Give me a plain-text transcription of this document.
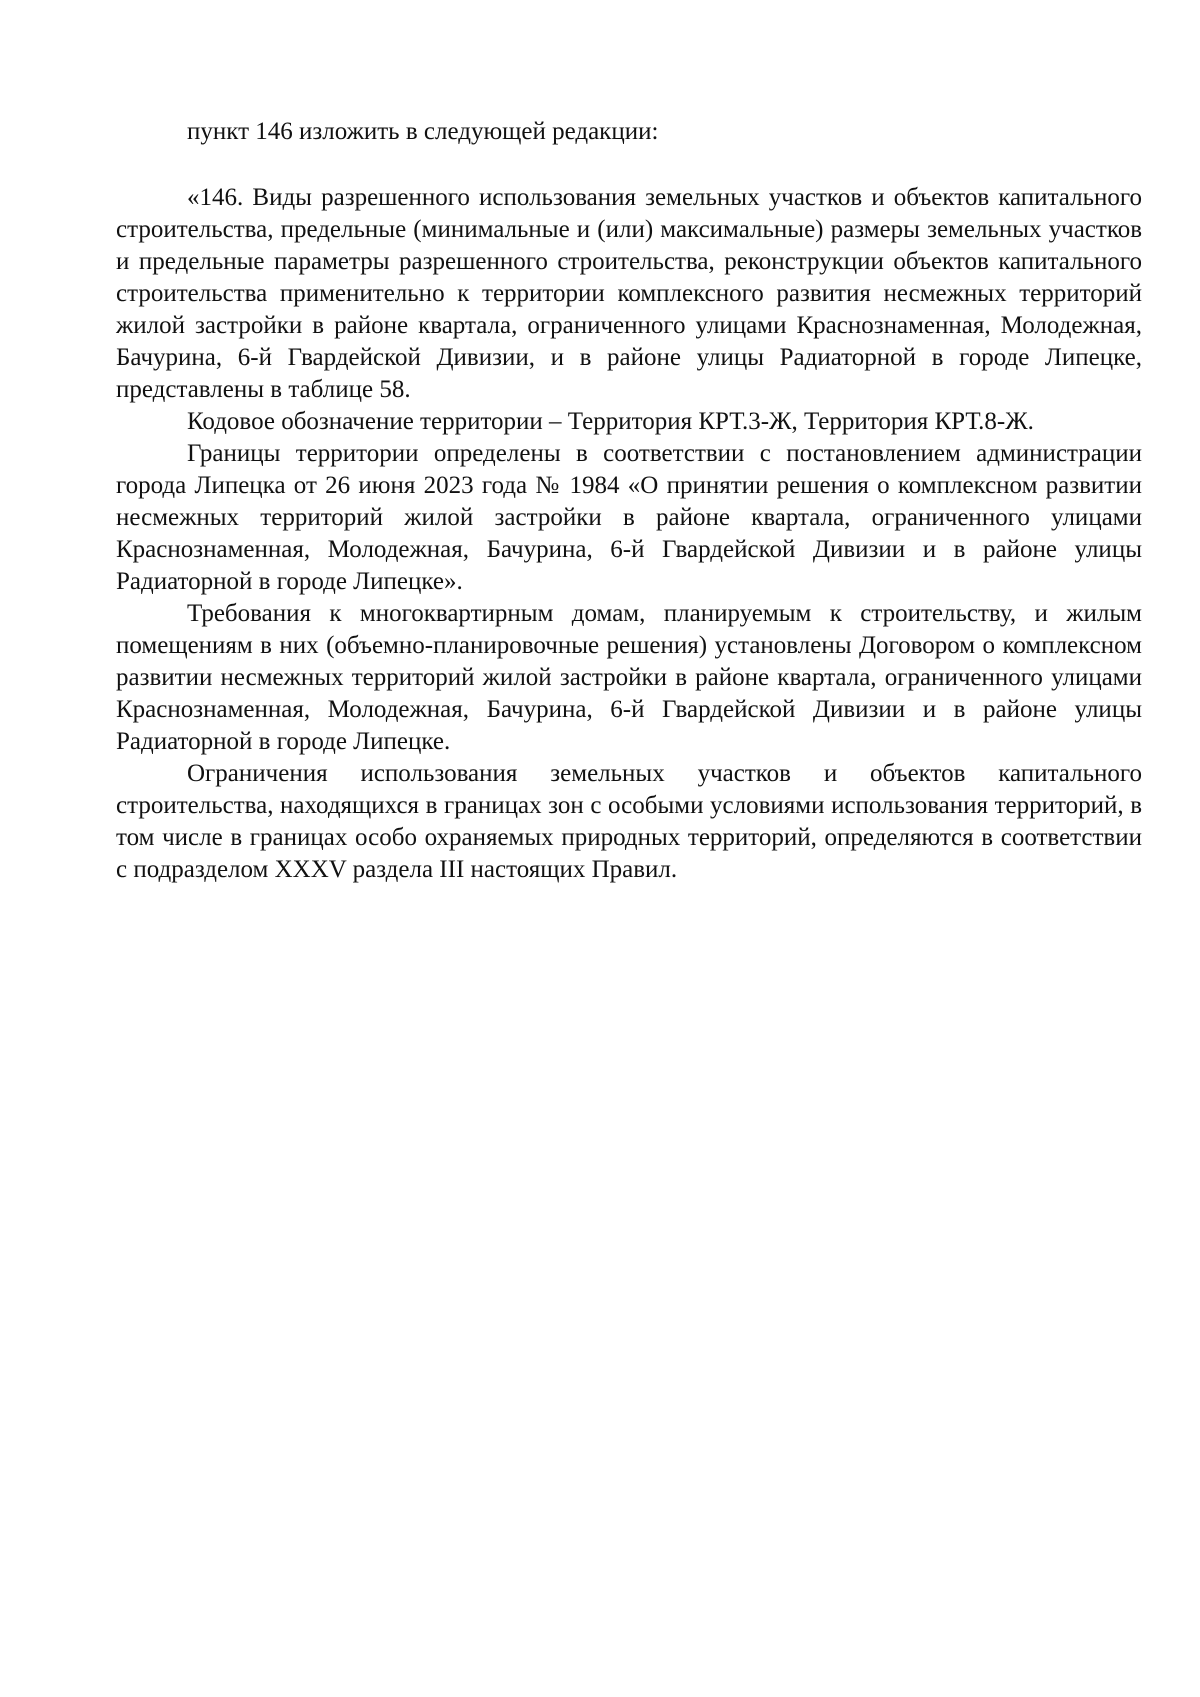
пункт 146 изложить в следующей редакции:

«146. Виды разрешенного использования земельных участков и объектов капитального строительства, предельные (минимальные и (или) максимальные) размеры земельных участков и предельные параметры разрешенного строительства, реконструкции объектов капитального строительства применительно к территории комплексного развития несмежных территорий жилой застройки в районе квартала, ограниченного улицами Краснознаменная, Молодежная, Бачурина, 6-й Гвардейской Дивизии, и в районе улицы Радиаторной в городе Липецке, представлены в таблице 58.

Кодовое обозначение территории – Территория КРТ.3-Ж, Территория КРТ.8-Ж.

Границы территории определены в соответствии с постановлением администрации города Липецка от 26 июня 2023 года № 1984 «О принятии решения о комплексном развитии несмежных территорий жилой застройки в районе квартала, ограниченного улицами Краснознаменная, Молодежная, Бачурина, 6-й Гвардейской Дивизии и в районе улицы Радиаторной в городе Липецке».

Требования к многоквартирным домам, планируемым к строительству, и жилым помещениям в них (объемно-планировочные решения) установлены Договором о комплексном развитии несмежных территорий жилой застройки в районе квартала, ограниченного улицами Краснознаменная, Молодежная, Бачурина, 6-й Гвардейской Дивизии и в районе улицы Радиаторной в городе Липецке.

Ограничения использования земельных участков и объектов капитального строительства, находящихся в границах зон с особыми условиями использования территорий, в том числе в границах особо охраняемых природных территорий, определяются в соответствии с подразделом XXXV раздела III настоящих Правил.
